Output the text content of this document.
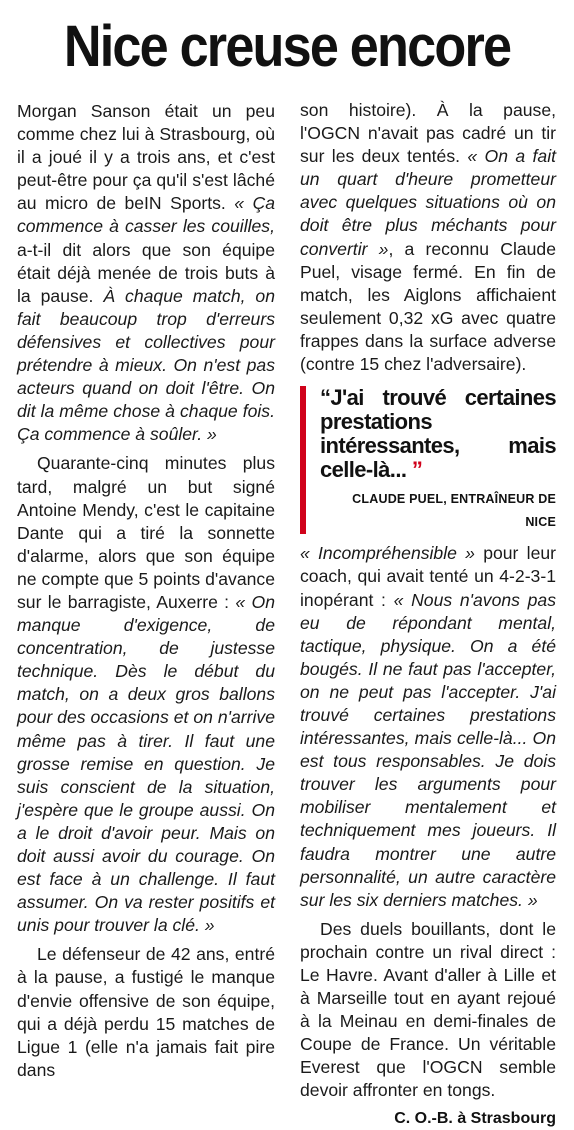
Nice creuse encore

Morgan Sanson était un peu comme chez lui à Strasbourg, où il a joué il y a trois ans, et c'est peut-être pour ça qu'il s'est lâché au micro de beIN Sports. « Ça commence à casser les couilles, a-t-il dit alors que son équipe était déjà menée de trois buts à la pause. À chaque match, on fait beaucoup trop d'erreurs défensives et collectives pour prétendre à mieux. On n'est pas acteurs quand on doit l'être. On dit la même chose à chaque fois. Ça commence à soûler. »

Quarante-cinq minutes plus tard, malgré un but signé Antoine Mendy, c'est le capitaine Dante qui a tiré la sonnette d'alarme, alors que son équipe ne compte que 5 points d'avance sur le barragiste, Auxerre : « On manque d'exigence, de concentration, de justesse technique. Dès le début du match, on a deux gros ballons pour des occasions et on n'arrive même pas à tirer. Il faut une grosse remise en question. Je suis conscient de la situation, j'espère que le groupe aussi. On a le droit d'avoir peur. Mais on doit aussi avoir du courage. On est face à un challenge. Il faut assumer. On va rester positifs et unis pour trouver la clé. »

Le défenseur de 42 ans, entré à la pause, a fustigé le manque d'envie offensive de son équipe, qui a déjà perdu 15 matches de Ligue 1 (elle n'a jamais fait pire dans

son histoire). À la pause, l'OGCN n'avait pas cadré un tir sur les deux tentés. « On a fait un quart d'heure prometteur avec quelques situations où on doit être plus méchants pour convertir », a reconnu Claude Puel, visage fermé. En fin de match, les Aiglons affichaient seulement 0,32 xG avec quatre frappes dans la surface adverse (contre 15 chez l'adversaire).

“J'ai trouvé certaines prestations intéressantes, mais celle-là... ”

CLAUDE PUEL, ENTRAÎNEUR DE NICE

« Incompréhensible » pour leur coach, qui avait tenté un 4-2-3-1 inopérant : « Nous n'avons pas eu de répondant mental, tactique, physique. On a été bougés. Il ne faut pas l'accepter, on ne peut pas l'accepter. J'ai trouvé certaines prestations intéressantes, mais celle-là... On est tous responsables. Je dois trouver les arguments pour mobiliser mentalement et techniquement mes joueurs. Il faudra montrer une autre personnalité, un autre caractère sur les six derniers matches. »

Des duels bouillants, dont le prochain contre un rival direct : Le Havre. Avant d'aller à Lille et à Marseille tout en ayant rejoué à la Meinau en demi-finales de Coupe de France. Un véritable Everest que l'OGCN semble devoir affronter en tongs.

C. O.-B. à Strasbourg
